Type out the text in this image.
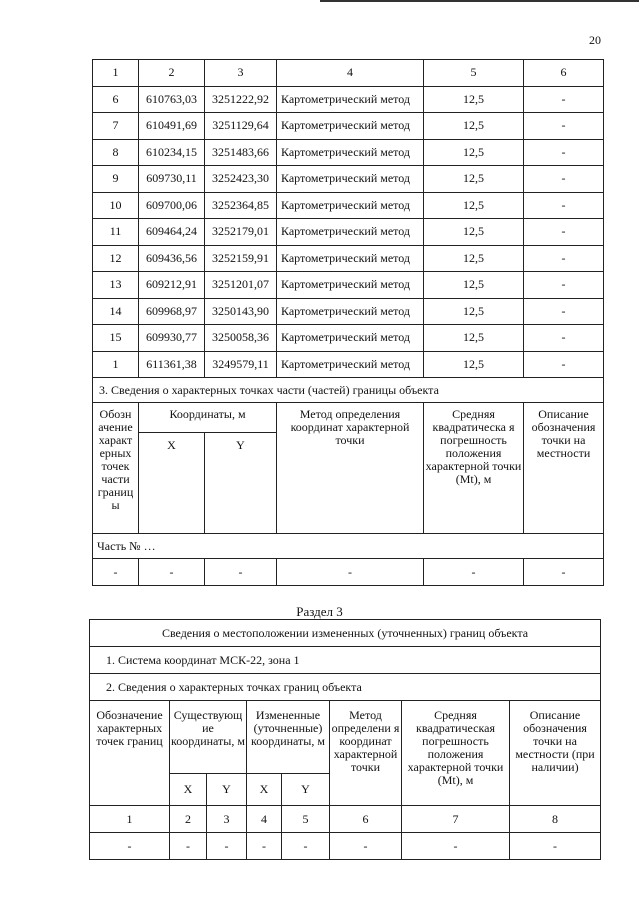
20
1	2	3	4	5	6
6	610763,03	3251222,92	Картометрический метод	12,5	-
7	610491,69	3251129,64	Картометрический метод	12,5	-
8	610234,15	3251483,66	Картометрический метод	12,5	-
9	609730,11	3252423,30	Картометрический метод	12,5	-
10	609700,06	3252364,85	Картометрический метод	12,5	-
11	609464,24	3252179,01	Картометрический метод	12,5	-
12	609436,56	3252159,91	Картометрический метод	12,5	-
13	609212,91	3251201,07	Картометрический метод	12,5	-
14	609968,97	3250143,90	Картометрический метод	12,5	-
15	609930,77	3250058,36	Картометрический метод	12,5	-
1	611361,38	3249579,11	Картометрический метод	12,5	-
3. Сведения о характерных точках части (частей) границы объекта					
Обозн ачение характ ерных точек части границ ы	Координаты, м		Метод определения координат характерной точки	Средняя квадратическа я погрешность положения характерной точки (Mt), м	Описание обозначения точки на местности
	X	Y			
Часть № …					
-	-	-	-	-	-
Раздел 3
Сведения о местоположении измененных (уточненных) границ объекта							
1. Система координат МСК-22, зона 1							
2. Сведения о характерных точках границ объекта							
Обозначение характерных точек границ	Существующ ие координаты, м		Измененные (уточненные) координаты, м		Метод определени я координат характерной точки	Средняя квадратическая погрешность положения характерной точки (Mt), м	Описание обозначения точки на местности (при наличии)
	X	Y	X	Y			
1	2	3	4	5	6	7	8
-	-	-	-	-	-	-	-
